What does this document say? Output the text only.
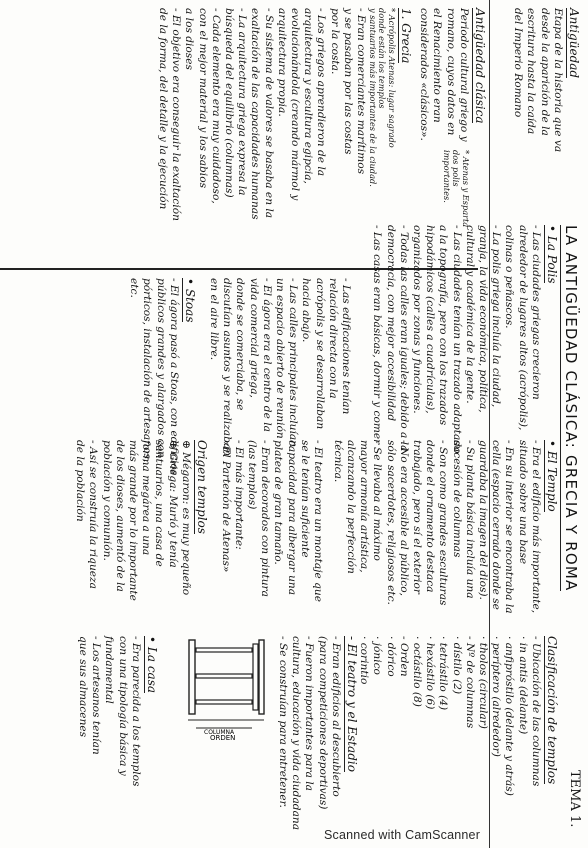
LA ANTIGÜEDAD CLÁSICA: GRECIA Y ROMA
TEMA 1.
Antigüedad
Etapa de la historia que va
desde la aparición de la
escritura hasta la caída
del Imperio Romano
Antigüedad clásica
Periodo cultural griego y
romano, cuyos datos en
el Renacimiento eran
considerados «clásicos».
1. Grecia
* Acrópolis Atenas: lugar sagrado
donde están los templos
y santuarios más importantes de la ciudad.
- Eran comerciantes marítimos
y se pasaban por las costas
por la costa.
- Los griegos aprendieron de la
arquitectura y escultura egipcia,
evolucionándola (creando mármol y
arquitectura propia.
- Su sistema de valores se basaba en la
exaltación de las capacidades humanas
- La arquitectura griega expresa la
búsqueda del equilibrio (columnas)
- Cada elemento era muy cuidadoso,
con el mejor material y los sabios
a los dioses
- El objetivo era conseguir la exaltación
de la forma, del detalle y la ejecución	* Atenas y Esparta
dos polis
importantes.
• La Polis
- Las ciudades griegas crecieron
alrededor de lugares altos (acrópolis),
colinas o peñascos.
- La polis griega incluía la ciudad,
granja, la vida económica, política,
cultural y académica de la gente.
- Las ciudades tenían un trazado adaptado
a la topografía, pero con los trazados
hipodámicos (calles a cuadrículas),
organizados por zonas y funciones.
- Todas las calles eran iguales; debido a la
democracia, con mejor accesibilidad
- Las casas eran básicas, dormir y comer
- Las edificaciones tenían
relación directa con la
acrópolis y se desarrollaban
hacia abajo.
- Las calles principales incluían
un espacio abierto de reunión
- El ágora era el centro de la
vida comercial griega,
donde se comerciaba, se
discutían asuntos y se realizaban
en el aire libre.
• Stoas
- El ágora pasó a Stoas, con edificios
públicos grandes y alargados con
pórticos, instalación de artesanos,
etc.
• El Templo
- Era el edificio más importante,
situado sobre una base
- En su interior se encontraba la
cella (espacio cerrado donde se
guardaba la imagen del dios).
- Su planta básica incluía una
sucesión de columnas
- Son como grandes esculturas
donde el ornamento destaca
trabajado, pero sí el exterior
- No era accesible al público,
sólo sacerdotes, religiosos etc.
- Se llevaba al máximo
mayor armonía artística,
alcanzando la perfección
técnica.
- El teatro era un montaje que
se le tenían suficiente
capacidad para albergar una
platea de gran tamaño.
- Eran decorados con pintura
(las templos)
- El más importante:
«El Partenón de Atenas»
Origen templos
⊕ Mégaron: es muy pequeño
⊕ Griega: Murió y tenía
santuarios, una casa de
forma megárea a una
más grande por lo importante
de los dioses, aumentó de la
población y comunión.
- Así se construía la riqueza
de la población
Clasificación de templos
- Ubicación de las columnas
· in antis (delante)
· anfipróstilo (delante y atrás)
· períptero (alrededor)
· tholos (circular)
- Nº de columnas
· dístilo (2)
· tetrástilo (4)
· hexástilo (6)
· octástilo (8)
- Orden
· dórico
· jónico
· corintio
ORDEN
COLUMNA	- El teatro y el Estadio
- Eran edificios al descubierto
(para competiciones deportivas)
- Fueron importantes para la
cultura, educación y vida ciudadana
- Se construían para entretener.
• La casa
- Era parecida a los templos
con una tipología básica y
fundamental
- Los artesanos tenían
que sus almacenes
Scanned with CamScanner
